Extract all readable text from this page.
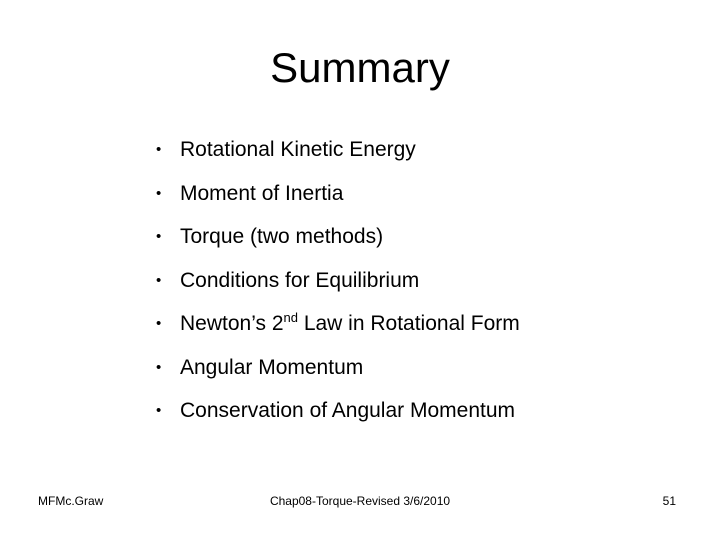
Summary
• Rotational Kinetic Energy
• Moment of Inertia
• Torque (two methods)
• Conditions for Equilibrium
• Newton’s 2nd Law in Rotational Form
• Angular Momentum
• Conservation of Angular Momentum
MFMc.Graw	Chap08-Torque-Revised 3/6/2010	51
